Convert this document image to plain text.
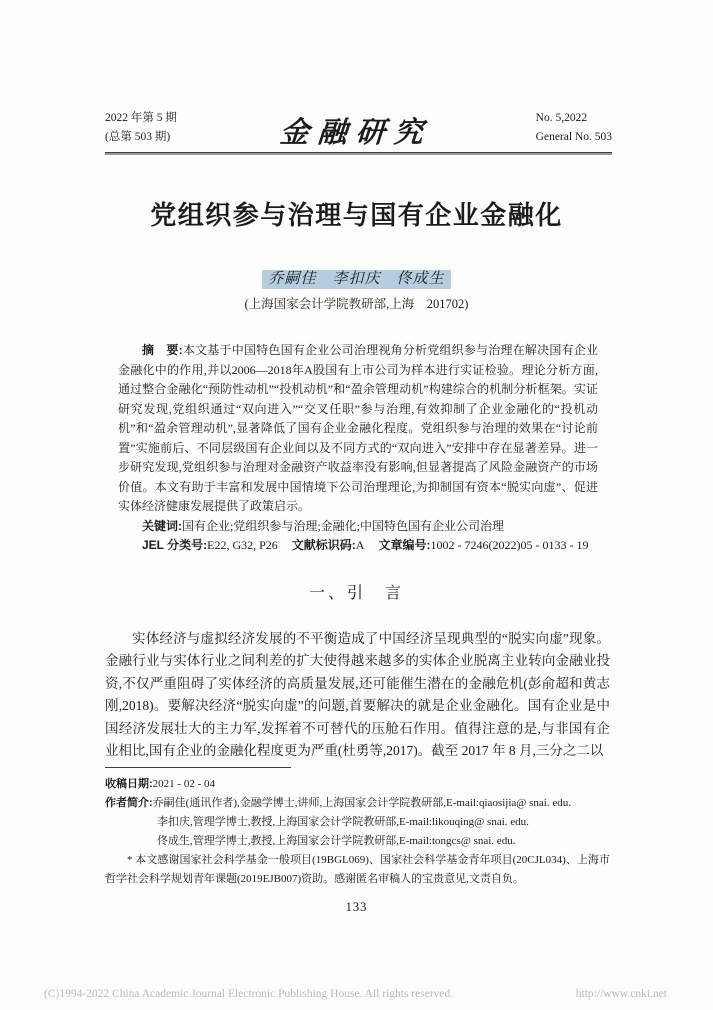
2022 年第 5 期
(总第 503 期)	金融研究	No. 5,2022
General No. 503
党组织参与治理与国有企业金融化
乔嗣佳　李扣庆　佟成生
(上海国家会计学院教研部,上海　201702)

摘　要:本文基于中国特色国有企业公司治理视角分析党组织参与治理在解决国有企业金融化中的作用,并以2006—2018年A股国有上市公司为样本进行实证检验。理论分析方面,通过整合金融化“预防性动机”“投机动机”和“盈余管理动机”构建综合的机制分析框架。实证研究发现,党组织通过“双向进入”“交叉任职”参与治理,有效抑制了企业金融化的“投机动机”和“盈余管理动机”,显著降低了国有企业金融化程度。党组织参与治理的效果在“讨论前置”实施前后、不同层级国有企业间以及不同方式的“双向进入”安排中存在显著差异。进一步研究发现,党组织参与治理对金融资产收益率没有影响,但显著提高了风险金融资产的市场价值。本文有助于丰富和发展中国情境下公司治理理论,为抑制国有资本“脱实向虚”、促进实体经济健康发展提供了政策启示。

关键词:国有企业;党组织参与治理;金融化;中国特色国有企业公司治理

JEL 分类号:E22, G32, P26 文献标识码:A 文章编号:1002 - 7246(2022)05 - 0133 - 19

一、引　言

实体经济与虚拟经济发展的不平衡造成了中国经济呈现典型的“脱实向虚”现象。金融行业与实体行业之间利差的扩大使得越来越多的实体企业脱离主业转向金融业投资,不仅严重阻碍了实体经济的高质量发展,还可能催生潜在的金融危机(彭俞超和黄志刚,2018)。要解决经济“脱实向虚”的问题,首要解决的就是企业金融化。国有企业是中国经济发展壮大的主力军,发挥着不可替代的压舱石作用。值得注意的是,与非国有企业相比,国有企业的金融化程度更为严重(杜勇等,2017)。截至 2017 年 8 月,三分之二以

收稿日期:2021 - 02 - 04

作者简介:乔嗣佳(通讯作者),金融学博士,讲师,上海国家会计学院教研部,E-mail:qiaosijia@ snai. edu.

李扣庆,管理学博士,教授,上海国家会计学院教研部,E-mail:likouqing@ snai. edu.

佟成生,管理学博士,教授,上海国家会计学院教研部,E-mail:tongcs@ snai. edu.

* 本文感谢国家社会科学基金一般项目(19BGL069)、国家社会科学基金青年项目(20CJL034)、上海市哲学社会科学规划青年课题(2019EJB007)资助。感谢匿名审稿人的宝贵意见,文责自负。

133
(C)1994-2022 China Academic Journal Electronic Publishing House. All rights reserved.	http://www.cnki.net
